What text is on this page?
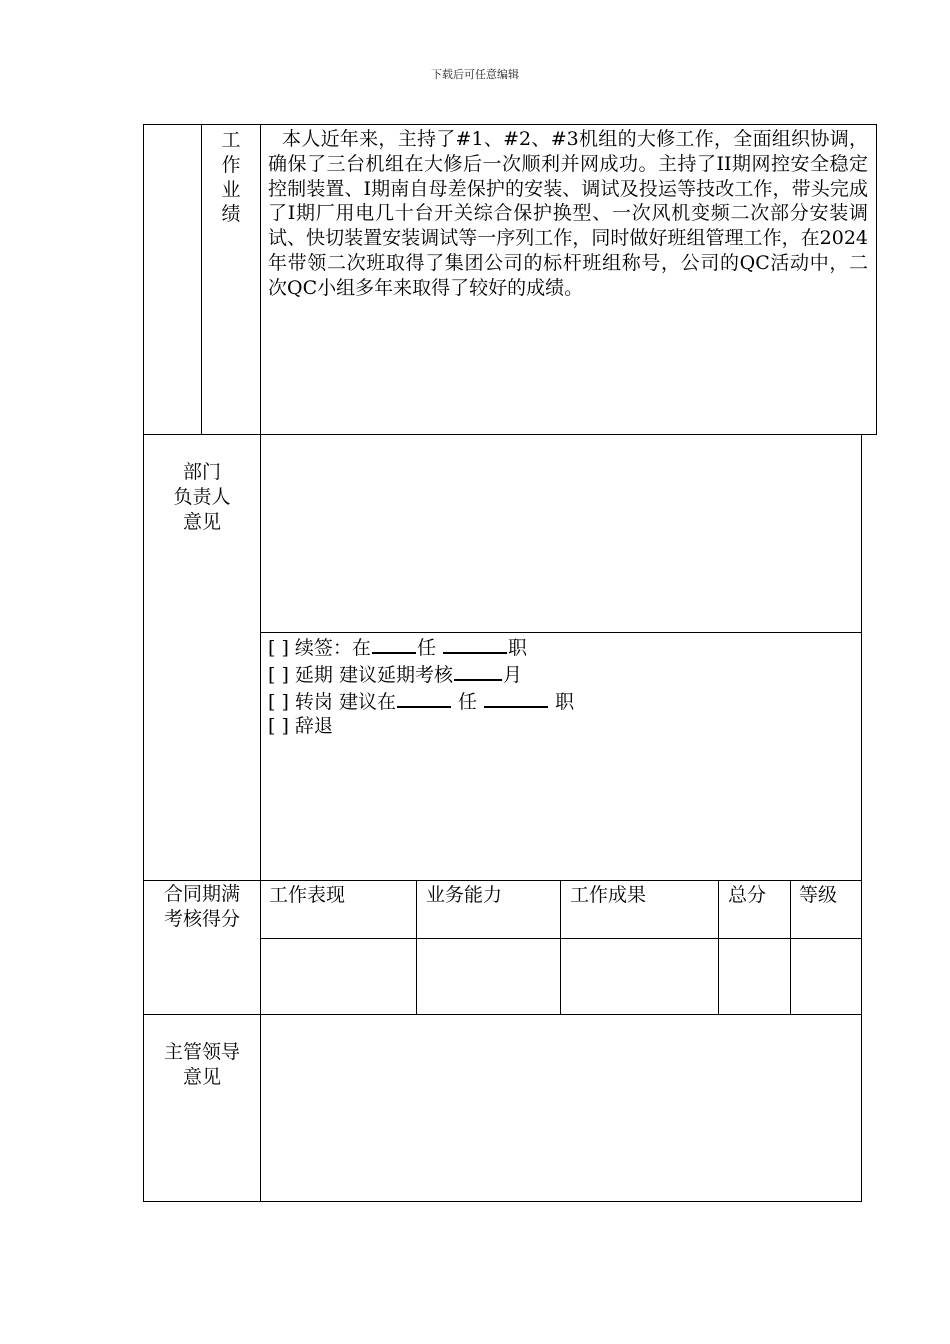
下载后可任意编辑
工
作
业
绩
本人近年来，主持了#1、#2、#3机组的大修工作，全面组织协调，确保了三台机组在大修后一次顺利并网成功。主持了II期网控安全稳定控制装置、I期南自母差保护的安装、调试及投运等技改工作，带头完成了I期厂用电几十台开关综合保护换型、一次风机变频二次部分安装调试、快切装置安装调试等一序列工作，同时做好班组管理工作，在2024年带领二次班取得了集团公司的标杆班组称号，公司的QC活动中，二次QC小组多年来取得了较好的成绩。
部门
负责人
意见
[ ] 续签：在 任	职
[ ] 延期 建议延期考核	月
[ ] 转岗 建议在	任	职
[ ] 辞退
合同期满
考核得分
工作表现	业务能力	工作成果	总分 等级
主管领导
意见
